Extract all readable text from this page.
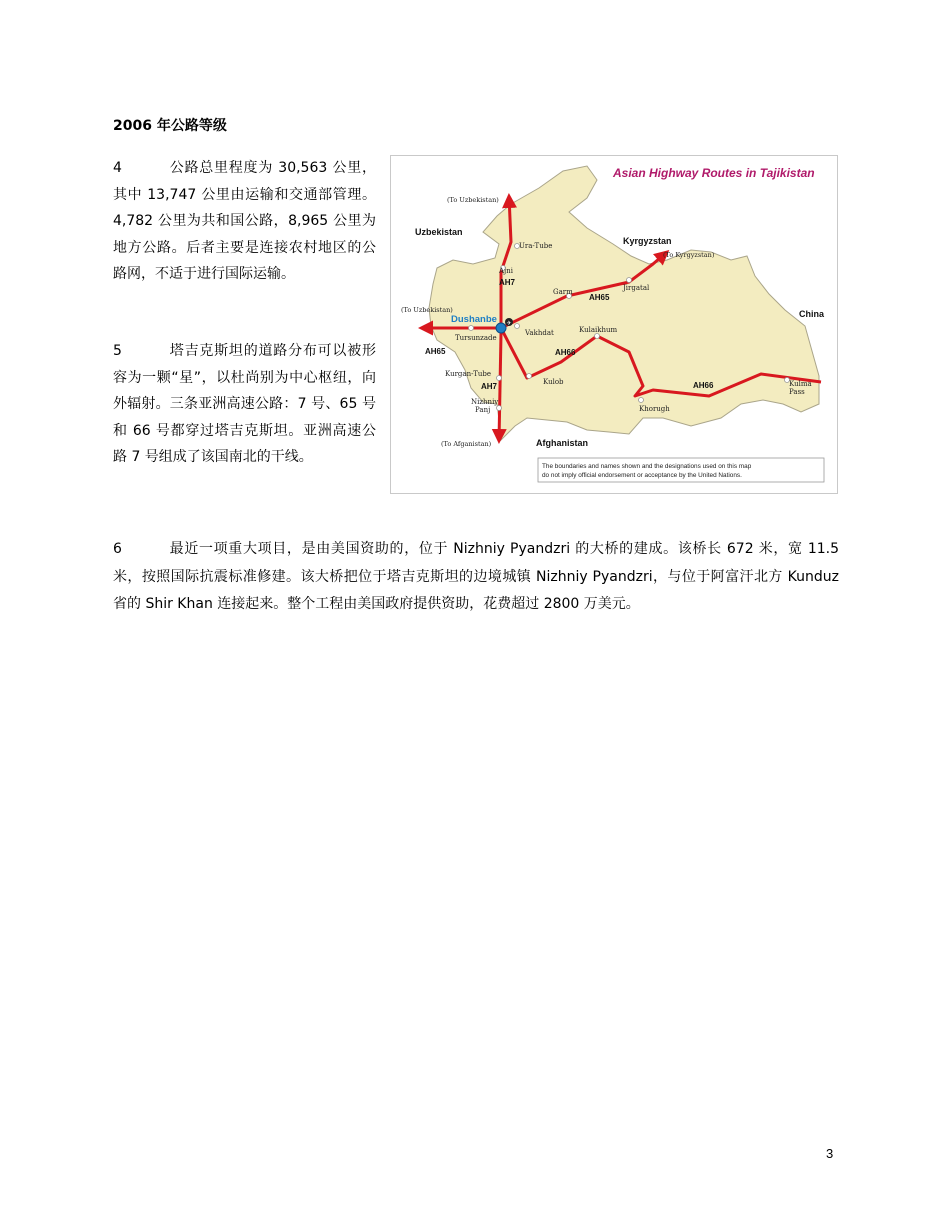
2006 年公路等级
4	公路总里程度为 30,563 公里，其中 13,747 公里由运输和交通部管理。4,782 公里为共和国公路，8,965 公里为地方公路。后者主要是连接农村地区的公路网，不适于进行国际运输。
5	塔吉克斯坦的道路分布可以被形容为一颗“星”，以杜尚别为中心枢纽，向外辐射。三条亚洲高速公路：7 号、65 号和 66 号都穿过塔吉克斯坦。亚洲高速公路 7 号组成了该国南北的干线。
6	最近一项重大项目，是由美国资助的，位于 Nizhniy Pyandzri 的大桥的建成。该桥长 672 米，宽 11.5 米，按照国际抗震标准修建。该大桥把位于塔吉克斯坦的边境城镇 Nizhniy Pyandzri，与位于阿富汗北方 Kunduz 省的 Shir Khan 连接起来。整个工程由美国政府提供资助，花费超过 2800 万美元。
✈
Asian Highway Routes in Tajikistan
Uzbekistan
Kyrgyzstan
China
Afghanistan
(To Uzbekistan)
(To Uzbekistan)
(To Kyrgyzstan)
(To Afganistan)
Ura-Tube
Ajni
Garm	Jirgatal
Tursunzade
Vakhdat	Kulaikhum
Kurgan-Tube
Kulob
Nizhniy
Panj	Khorugh
Kulma
Pass
Dushanbe
AH7
AH7
AH65
AH65	AH66
AH66
The boundaries and names shown and the designations used on this map
do not imply official endorsement or acceptance by the United Nations.
3
